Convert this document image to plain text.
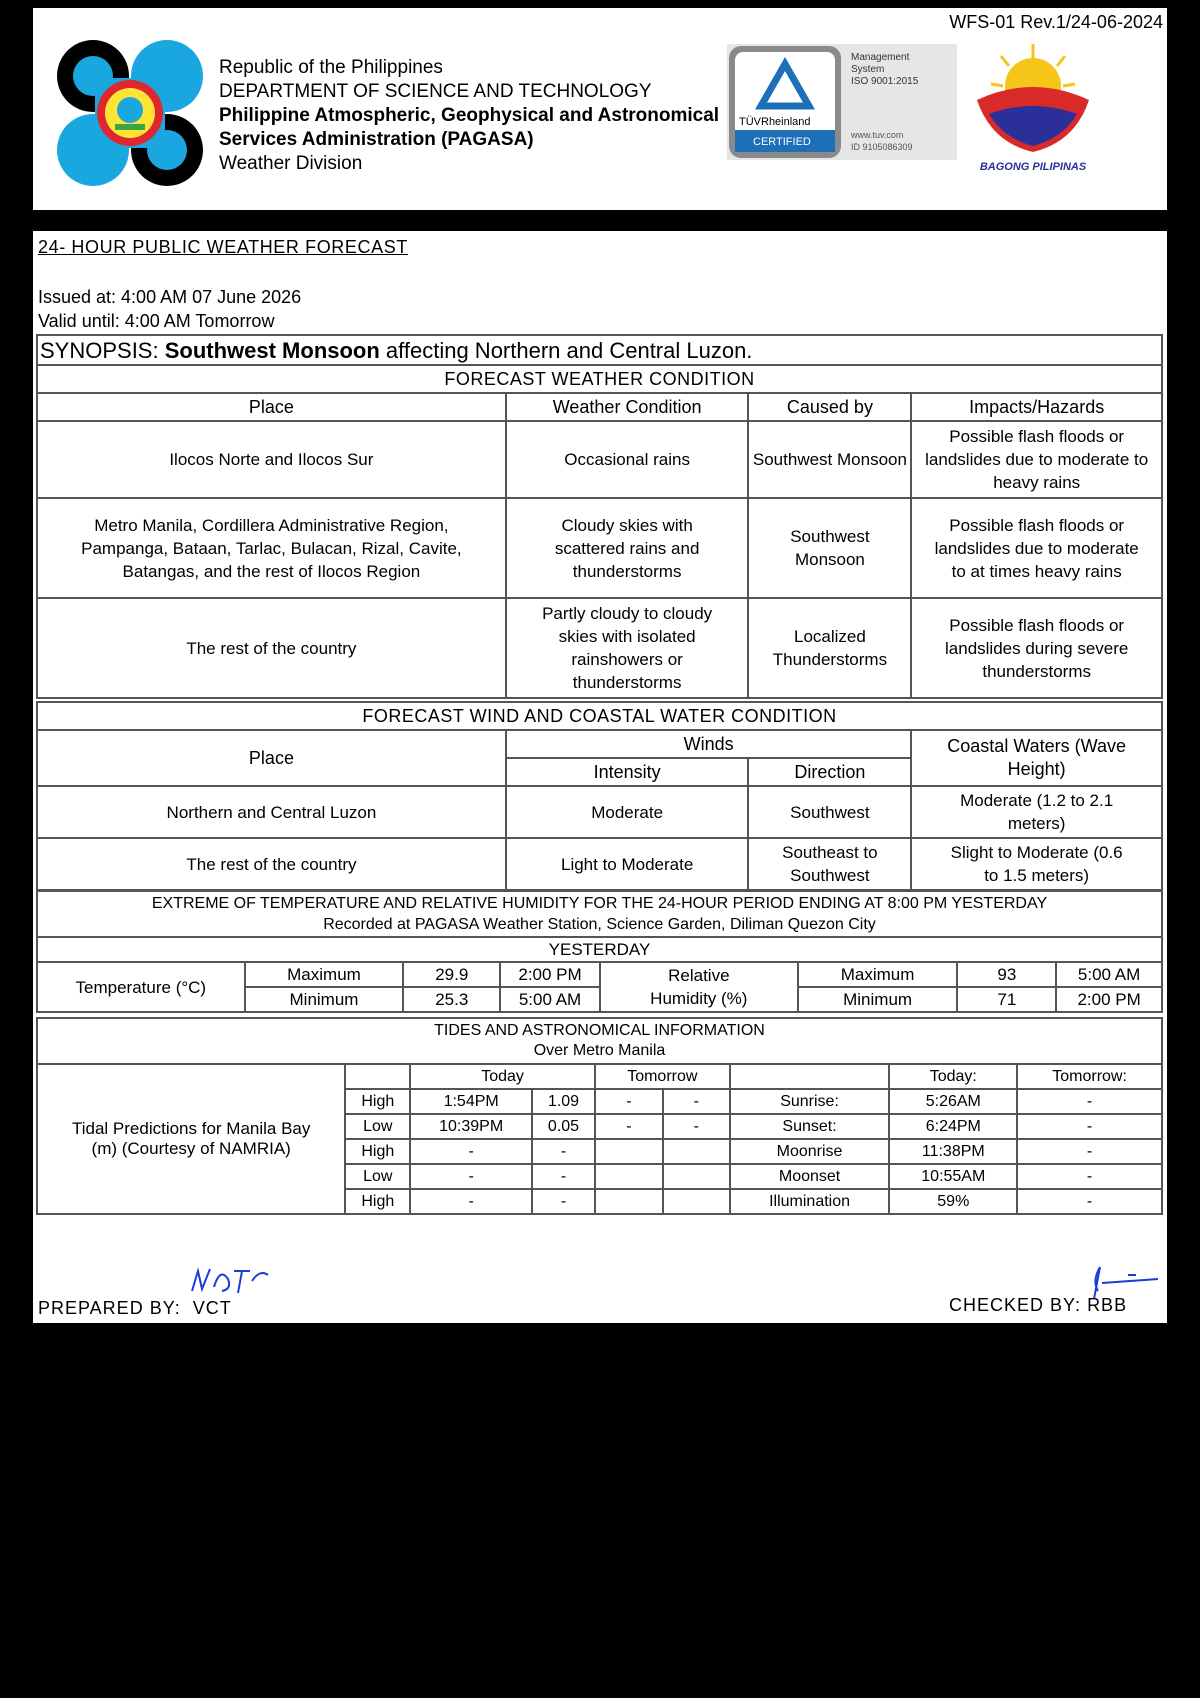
WFS-01 Rev.1/24-06-2024
Republic of the Philippines
DEPARTMENT OF SCIENCE AND TECHNOLOGY
Philippine Atmospheric, Geophysical and Astronomical
Services Administration (PAGASA)
Weather Division
TÜVRheinland
CERTIFIED
Management
System
ISO 9001:2015
www.tuv.com
ID 9105086309
BAGONG PILIPINAS
24- HOUR PUBLIC WEATHER FORECAST
Issued at: 4:00 AM 07 June 2026
Valid until: 4:00 AM Tomorrow
SYNOPSIS: Southwest Monsoon affecting Northern and Central Luzon.			
FORECAST WEATHER CONDITION			
Place	Weather Condition	Caused by	Impacts/Hazards
Ilocos Norte and Ilocos Sur	Occasional rains	Southwest Monsoon	Possible flash floods or landslides due to moderate to heavy rains
Metro Manila, Cordillera Administrative Region, Pampanga, Bataan, Tarlac, Bulacan, Rizal, Cavite, Batangas, and the rest of Ilocos Region	Cloudy skies with scattered rains and thunderstorms	Southwest Monsoon	Possible flash floods or landslides due to moderate to at times heavy rains
The rest of the country	Partly cloudy to cloudy skies with isolated rainshowers or thunderstorms	Localized Thunderstorms	Possible flash floods or landslides during severe thunderstorms
FORECAST WIND AND COASTAL WATER CONDITION			
Place	Winds		Coastal Waters (Wave Height)
	Intensity	Direction	
Northern and Central Luzon	Moderate	Southwest	Moderate (1.2 to 2.1 meters)
The rest of the country	Light to Moderate	Southeast to Southwest	Slight to Moderate (0.6 to 1.5 meters)
EXTREME OF TEMPERATURE AND RELATIVE HUMIDITY FOR THE 24-HOUR PERIOD ENDING AT 8:00 PM YESTERDAY
Recorded at PAGASA Weather Station, Science Garden, Diliman Quezon City							

YESTERDAY							
Temperature (°C)	Maximum	29.9	2:00 PM	Relative Humidity (%)	Maximum	93	5:00 AM
	Minimum	25.3	5:00 AM		Minimum	71	2:00 PM
TIDES AND ASTRONOMICAL INFORMATION
Over Metro Manila								

Tidal Predictions for Manila Bay (m) (Courtesy of NAMRIA)		Today		Tomorrow			Today:	Tomorrow:
	High	1:54PM	1.09	-	-	Sunrise:	5:26AM	-
	Low	10:39PM	0.05	-	-	Sunset:	6:24PM	-
	High	-	-			Moonrise	11:38PM	-
	Low	-	-			Moonset	10:55AM	-
	High	-	-			Illumination	59%	-
PREPARED BY: VCT	CHECKED BY: RBB
